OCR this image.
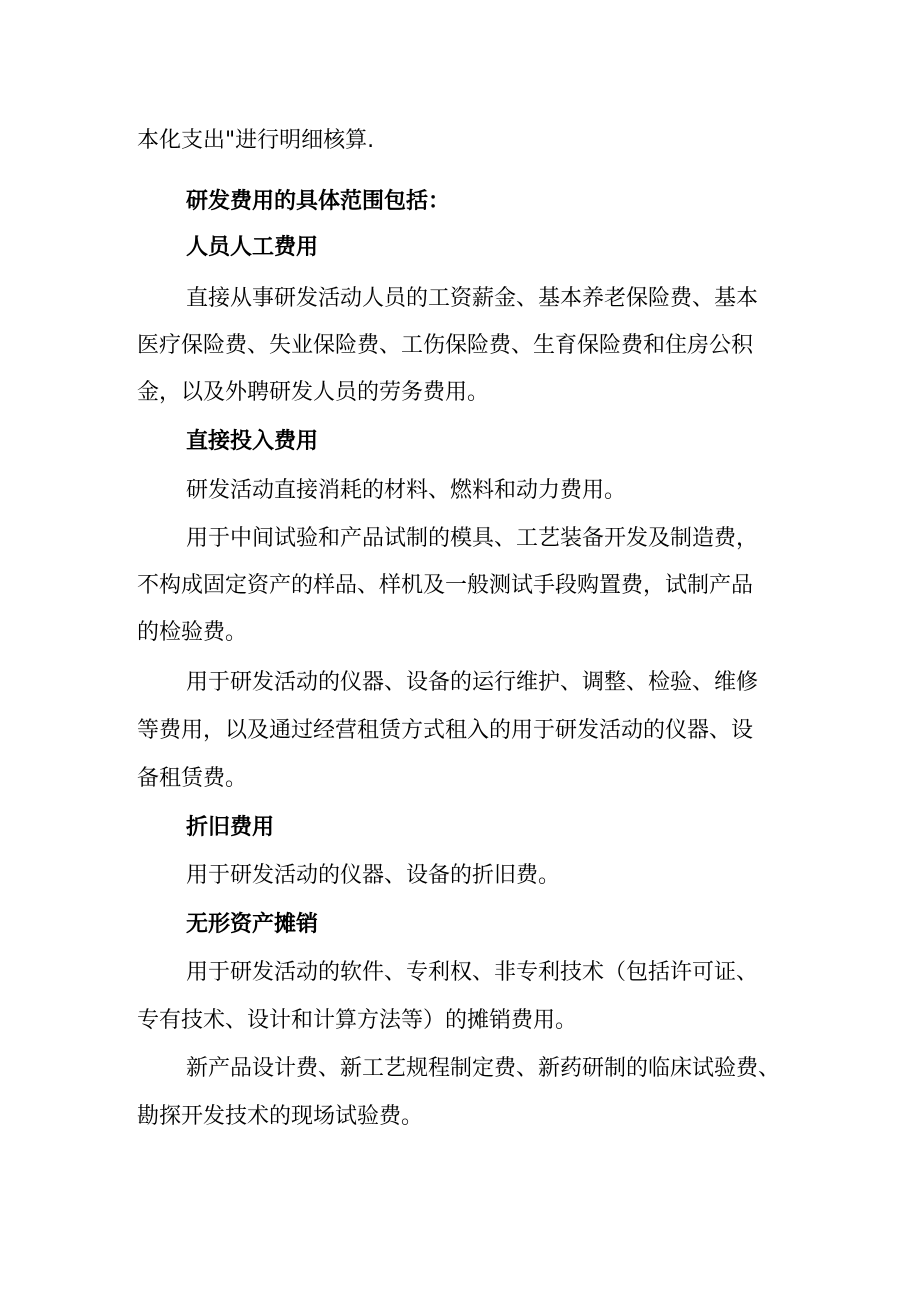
本化支出"进行明细核算.

研发费用的具体范围包括：

人员人工费用

直接从事研发活动人员的工资薪金、基本养老保险费、基本

医疗保险费、失业保险费、工伤保险费、生育保险费和住房公积

金，以及外聘研发人员的劳务费用。

直接投入费用

研发活动直接消耗的材料、燃料和动力费用。

用于中间试验和产品试制的模具、工艺装备开发及制造费，

不构成固定资产的样品、样机及一般测试手段购置费，试制产品

的检验费。

用于研发活动的仪器、设备的运行维护、调整、检验、维修

等费用，以及通过经营租赁方式租入的用于研发活动的仪器、设

备租赁费。

折旧费用

用于研发活动的仪器、设备的折旧费。

无形资产摊销

用于研发活动的软件、专利权、非专利技术（包括许可证、

专有技术、设计和计算方法等）的摊销费用。

新产品设计费、新工艺规程制定费、新药研制的临床试验费、

勘探开发技术的现场试验费。
